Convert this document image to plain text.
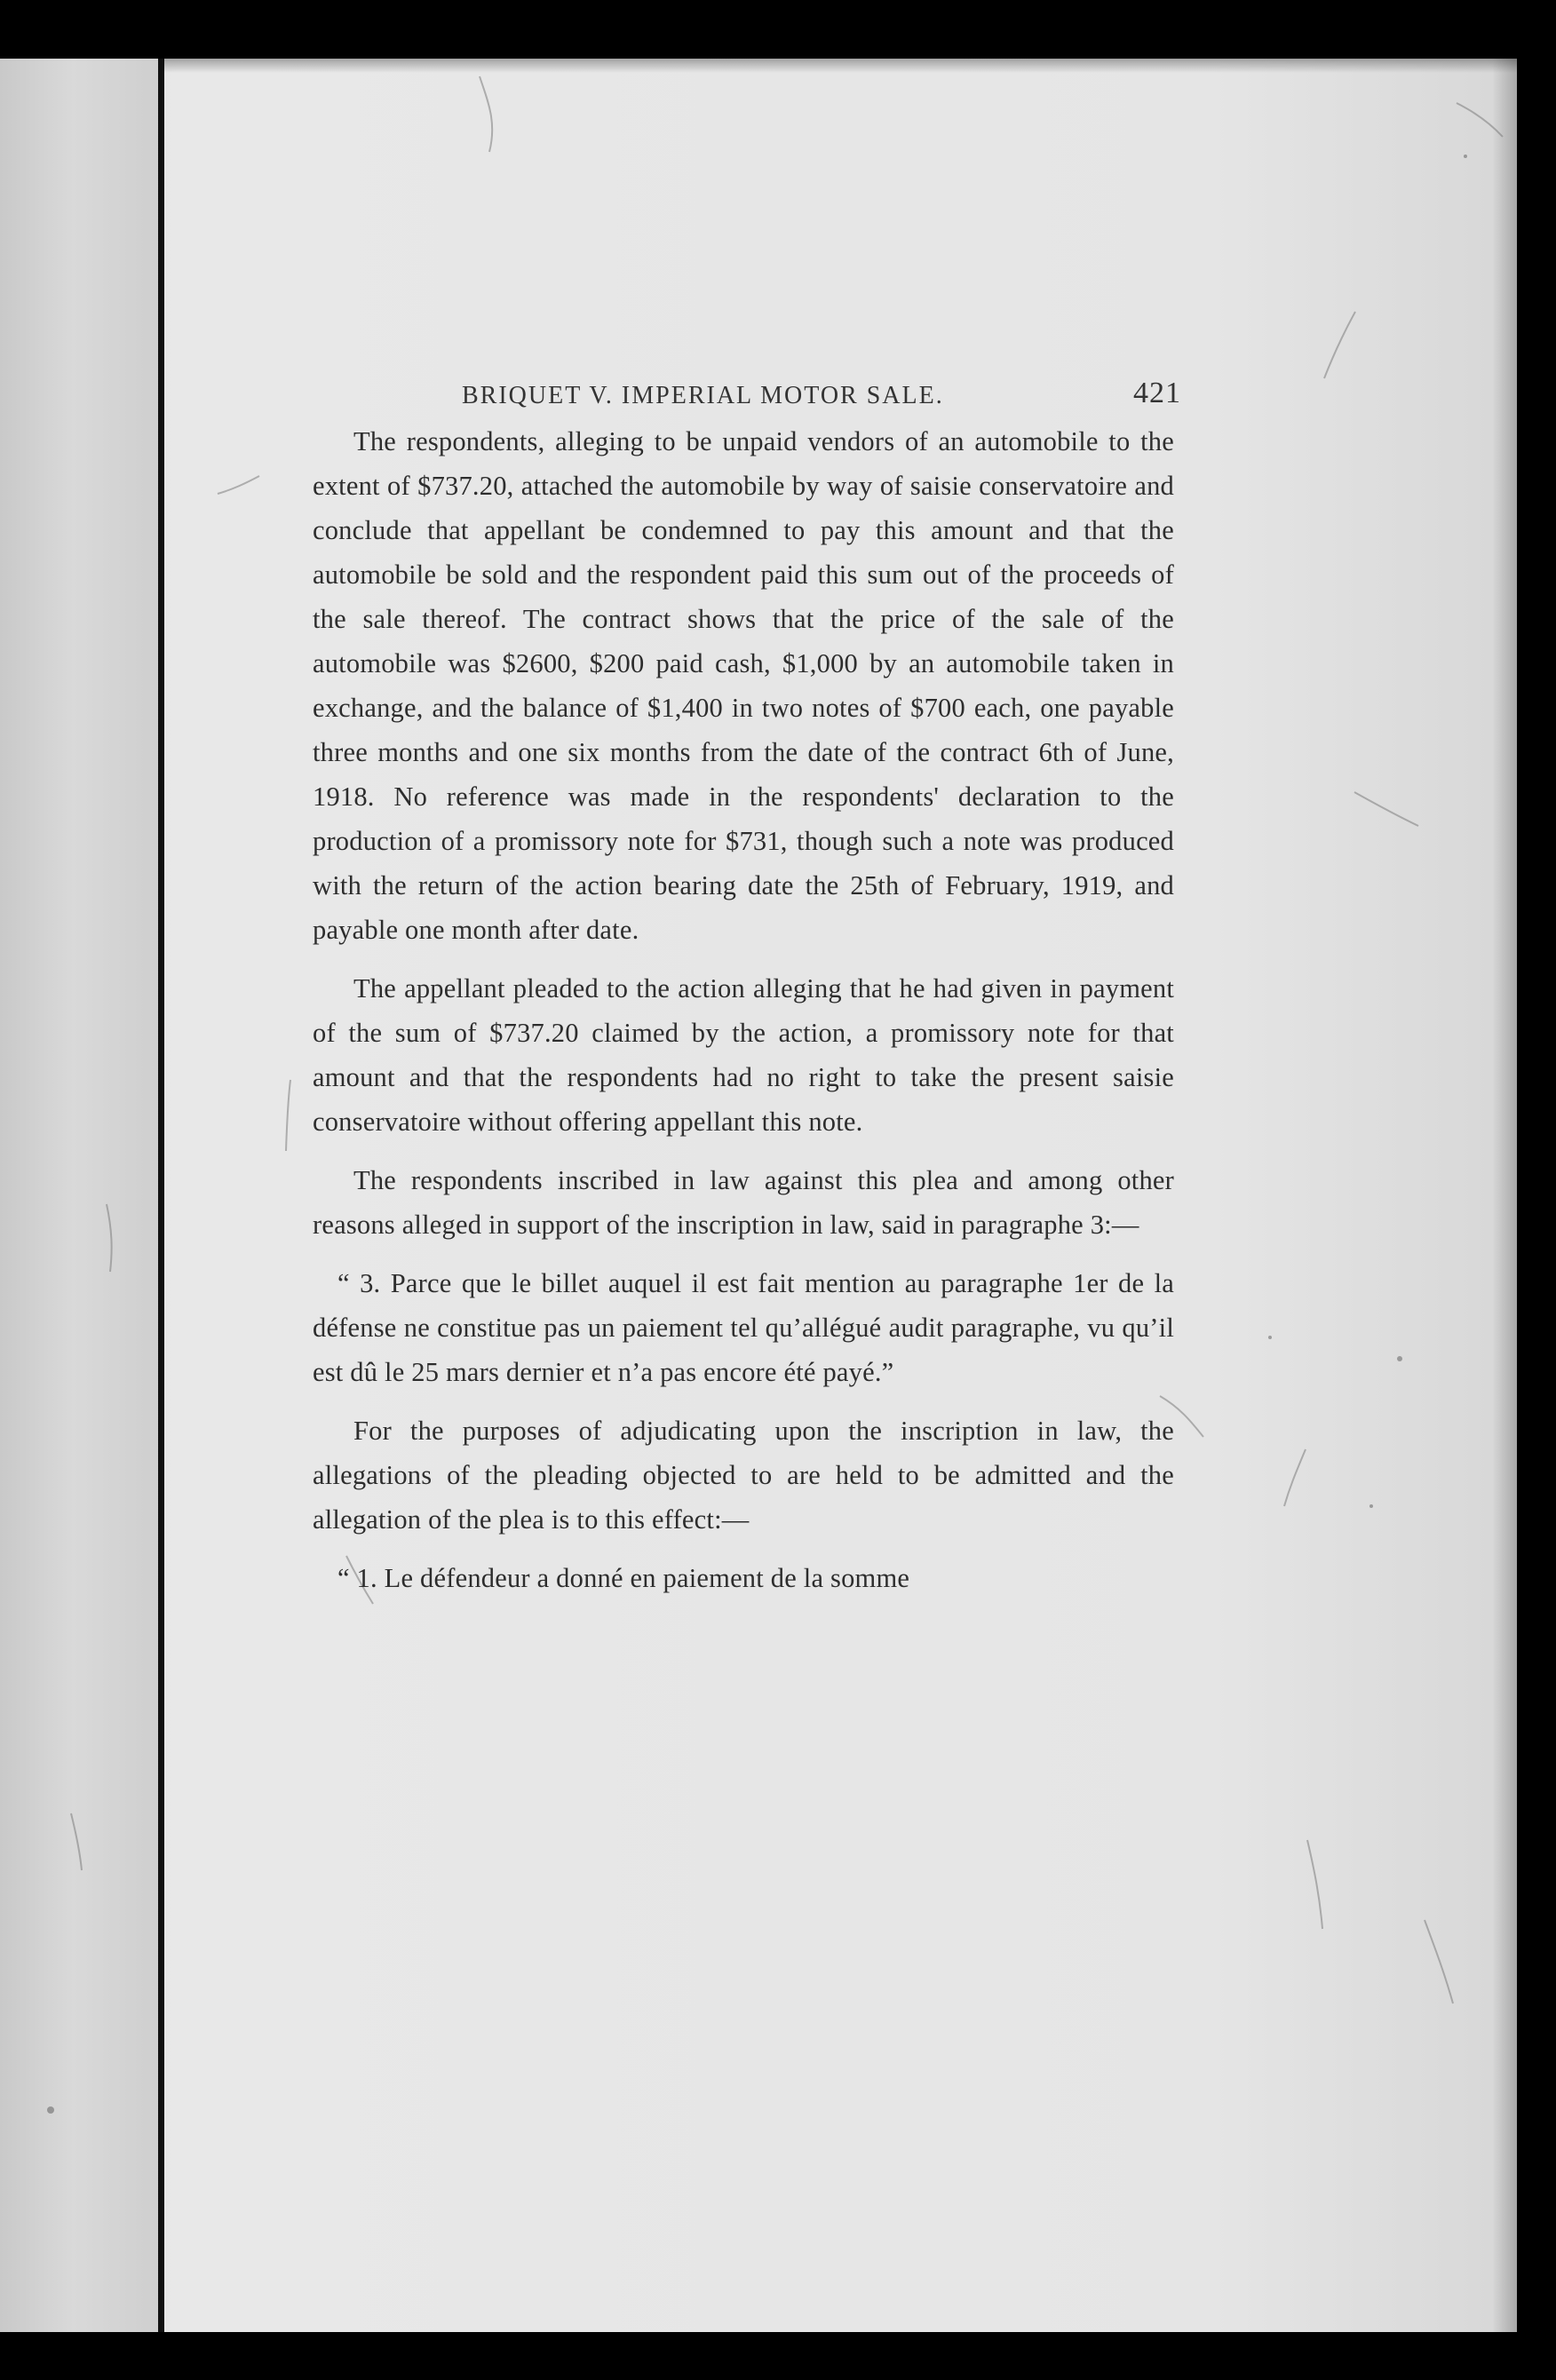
BRIQUET V. IMPERIAL MOTOR SALE.	421

The respondents, alleging to be unpaid vendors of an automobile to the extent of $737.20, attached the automobile by way of saisie conservatoire and conclude that appellant be condemned to pay this amount and that the automobile be sold and the respondent paid this sum out of the proceeds of the sale thereof. The contract shows that the price of the sale of the automobile was $2600, $200 paid cash, $1,000 by an automobile taken in exchange, and the balance of $1,400 in two notes of $700 each, one payable three months and one six months from the date of the contract 6th of June, 1918. No reference was made in the respondents' declaration to the production of a promissory note for $731, though such a note was produced with the return of the action bearing date the 25th of February, 1919, and payable one month after date.

The appellant pleaded to the action alleging that he had given in payment of the sum of $737.20 claimed by the action, a promissory note for that amount and that the respondents had no right to take the present saisie conservatoire without offering appellant this note.

The respondents inscribed in law against this plea and among other reasons alleged in support of the inscription in law, said in paragraphe 3:—

“ 3. Parce que le billet auquel il est fait mention au paragraphe 1er de la défense ne constitue pas un paiement tel qu’allégué audit paragraphe, vu qu’il est dû le 25 mars dernier et n’a pas encore été payé.”

For the purposes of adjudicating upon the inscription in law, the allegations of the pleading objected to are held to be admitted and the allegation of the plea is to this effect:—

“ 1. Le défendeur a donné en paiement de la somme
